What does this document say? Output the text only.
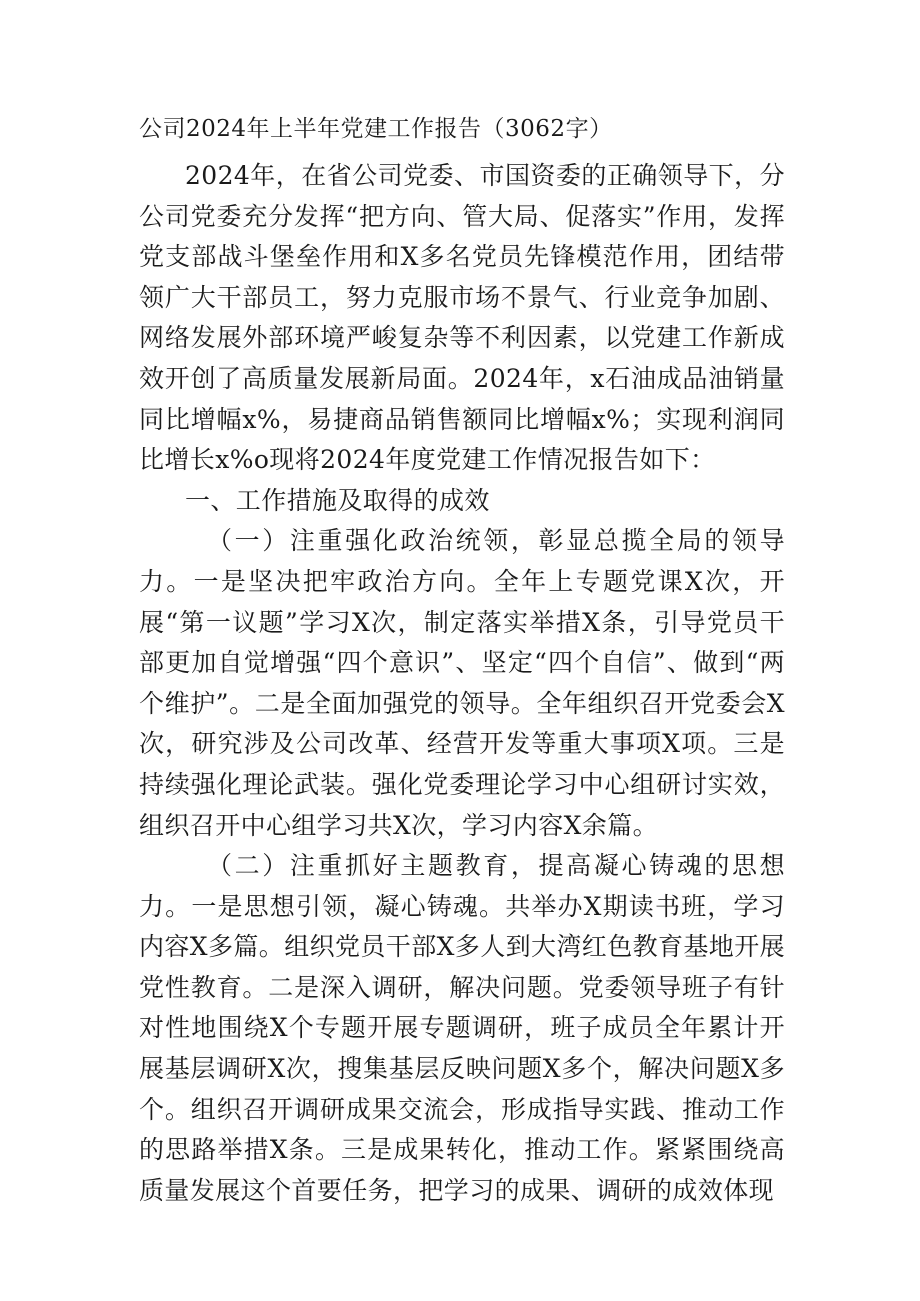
公司2024年上半年党建工作报告（3062字）

2024年，在省公司党委、市国资委的正确领导下，分公司党委充分发挥“把方向、管大局、促落实”作用，发挥党支部战斗堡垒作用和X多名党员先锋模范作用，团结带领广大干部员工，努力克服市场不景气、行业竞争加剧、网络发展外部环境严峻复杂等不利因素，以党建工作新成效开创了高质量发展新局面。2024年，x石油成品油销量同比增幅x%，易捷商品销售额同比增幅x%；实现利润同比增长x%o现将2024年度党建工作情况报告如下：

一、工作措施及取得的成效

（一）注重强化政治统领，彰显总揽全局的领导力。一是坚决把牢政治方向。全年上专题党课X次，开展“第一议题”学习X次，制定落实举措X条，引导党员干部更加自觉增强“四个意识”、坚定“四个自信”、做到“两个维护”。二是全面加强党的领导。全年组织召开党委会X次，研究涉及公司改革、经营开发等重大事项X项。三是持续强化理论武装。强化党委理论学习中心组研讨实效，组织召开中心组学习共X次，学习内容X余篇。

（二）注重抓好主题教育，提高凝心铸魂的思想力。一是思想引领，凝心铸魂。共举办X期读书班，学习内容X多篇。组织党员干部X多人到大湾红色教育基地开展党性教育。二是深入调研，解决问题。党委领导班子有针对性地围绕X个专题开展专题调研，班子成员全年累计开展基层调研X次，搜集基层反映问题X多个，解决问题X多个。组织召开调研成果交流会，形成指导实践、推动工作的思路举措X条。三是成果转化，推动工作。紧紧围绕高质量发展这个首要任务，把学习的成果、调研的成效体现
